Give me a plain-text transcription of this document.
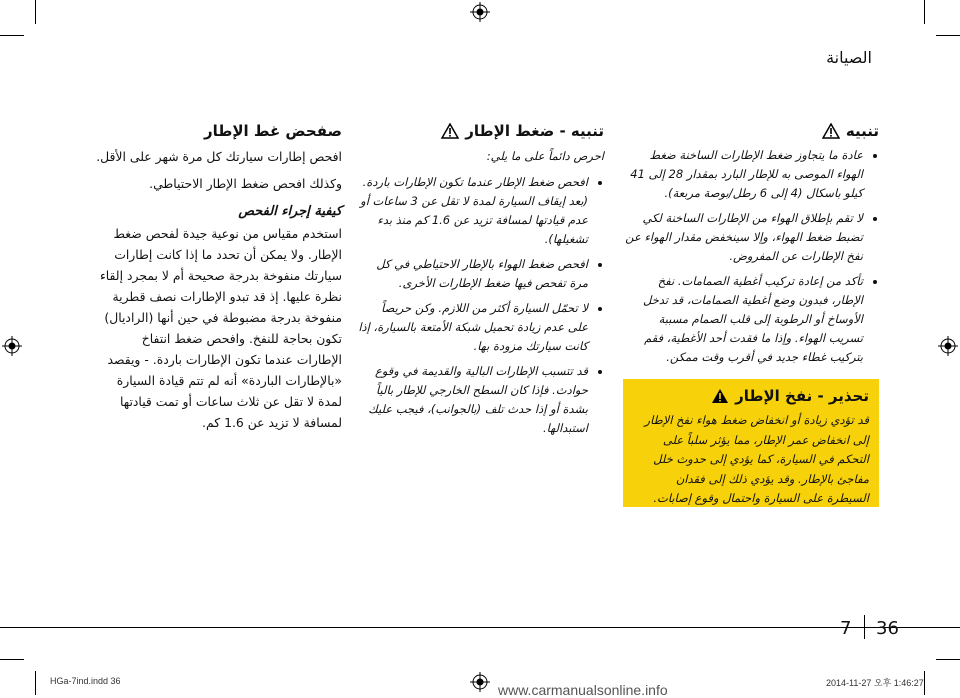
الصيانة
صفحض غط الإطار

افحص إطارات سيارتك كل مرة شهر على الأقل.

وكذلك افحص ضغط الإطار الاحتياطي.

كيفية إجراء الفحص

استخدم مقياس من نوعية جيدة لفحص ضغط الإطار. ولا يمكن أن تحدد ما إذا كانت إطارات سيارتك منفوخة بدرجة صحيحة أم لا بمجرد إلقاء نظرة عليها. إذ قد تبدو الإطارات نصف قطرية منفوخة بدرجة مضبوطة في حين أنها (الراديال) تكون بحاجة للنفخ. وافحص ضغط انتفاخ الإطارات عندما تكون الإطارات باردة. - ويقصد «بالإطارات الباردة» أنه لم تتم قيادة السيارة لمدة لا تقل عن ثلاث ساعات أو تمت قيادتها لمسافة لا تزيد عن 1.6 كم.

تنبيه - ضغط الإطار

احرص دائماً على ما يلي:

• افحص ضغط الإطار عندما تكون الإطارات باردة. (بعد إيقاف السيارة لمدة لا تقل عن 3 ساعات أو عدم قيادتها لمسافة تزيد عن 1.6 كم منذ بدء تشغيلها).
• افحص ضغط الهواء بالإطار الاحتياطي في كل مرة تفحص فيها ضغط الإطارات الأخرى.
• لا تحمّل السيارة أكثر من اللازم. وكن حريصاً على عدم زيادة تحميل شبكة الأمتعة بالسيارة، إذا كانت سيارتك مزودة بها.
• قد تتسبب الإطارات البالية والقديمة في وقوع حوادث. فإذا كان السطح الخارجي للإطار بالياً بشدة أو إذا حدث تلف (بالجوانب)، فيجب عليك استبدالها.
تنبيه
• عادة ما يتجاوز ضغط الإطارات الساخنة ضغط الهواء الموصى به للإطار البارد بمقدار 28 إلى 41 كيلو باسكال (4 إلى 6 رطل/بوصة مربعة).
• لا تقم بإطلاق الهواء من الإطارات الساخنة لكي تضبط ضغط الهواء، وإلا سينخفض مقدار الهواء عن نفخ الإطارات عن المفروض.
• تأكد من إعادة تركيب أغطية الصمامات. نفخ الإطار، فبدون وضع أغطية الصمامات، قد تدخل الأوساخ أو الرطوبة إلى قلب الصمام مسببة تسريب الهواء. وإذا ما فقدت أحد الأغطية، فقم بتركيب غطاء جديد في أقرب وقت ممكن.
تحذير - نفخ الإطار

قد تؤدي زيادة أو انخفاض ضغط هواء نفخ الإطار إلى انخفاض عمر الإطار، مما يؤثر سلباً على التحكم في السيارة، كما يؤدي إلى حدوث خلل مفاجئ بالإطار. وقد يؤدي ذلك إلى فقدان السيطرة على السيارة واحتمال وقوع إصابات.

7 36
HGa-7ind.indd 36	2014-11-27 오후 1:46:27
www.carmanualsonline.info
